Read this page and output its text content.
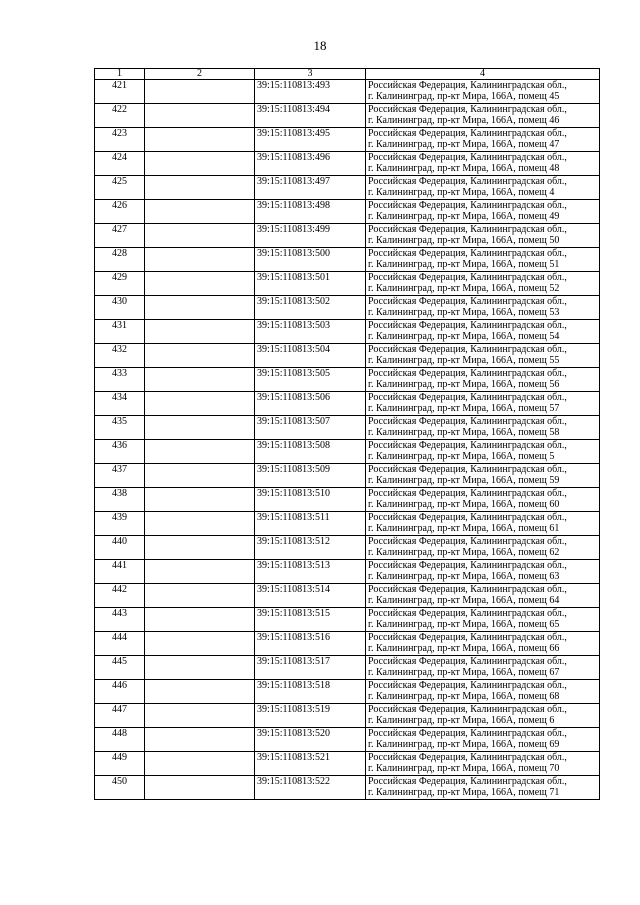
18
1	2	3	4
421		39:15:110813:493	Российская Федерация, Калининградская обл.,
г. Калининград, пр-кт Мира, 166А, помещ 45

422		39:15:110813:494	Российская Федерация, Калининградская обл.,
г. Калининград, пр-кт Мира, 166А, помещ 46

423		39:15:110813:495	Российская Федерация, Калининградская обл.,
г. Калининград, пр-кт Мира, 166А, помещ 47

424		39:15:110813:496	Российская Федерация, Калининградская обл.,
г. Калининград, пр-кт Мира, 166А, помещ 48

425		39:15:110813:497	Российская Федерация, Калининградская обл.,
г. Калининград, пр-кт Мира, 166А, помещ 4

426		39:15:110813:498	Российская Федерация, Калининградская обл.,
г. Калининград, пр-кт Мира, 166А, помещ 49

427		39:15:110813:499	Российская Федерация, Калининградская обл.,
г. Калининград, пр-кт Мира, 166А, помещ 50

428		39:15:110813:500	Российская Федерация, Калининградская обл.,
г. Калининград, пр-кт Мира, 166А, помещ 51

429		39:15:110813:501	Российская Федерация, Калининградская обл.,
г. Калининград, пр-кт Мира, 166А, помещ 52

430		39:15:110813:502	Российская Федерация, Калининградская обл.,
г. Калининград, пр-кт Мира, 166А, помещ 53

431		39:15:110813:503	Российская Федерация, Калининградская обл.,
г. Калининград, пр-кт Мира, 166А, помещ 54

432		39:15:110813:504	Российская Федерация, Калининградская обл.,
г. Калининград, пр-кт Мира, 166А, помещ 55

433		39:15:110813:505	Российская Федерация, Калининградская обл.,
г. Калининград, пр-кт Мира, 166А, помещ 56

434		39:15:110813:506	Российская Федерация, Калининградская обл.,
г. Калининград, пр-кт Мира, 166А, помещ 57

435		39:15:110813:507	Российская Федерация, Калининградская обл.,
г. Калининград, пр-кт Мира, 166А, помещ 58

436		39:15:110813:508	Российская Федерация, Калининградская обл.,
г. Калининград, пр-кт Мира, 166А, помещ 5

437		39:15:110813:509	Российская Федерация, Калининградская обл.,
г. Калининград, пр-кт Мира, 166А, помещ 59

438		39:15:110813:510	Российская Федерация, Калининградская обл.,
г. Калининград, пр-кт Мира, 166А, помещ 60

439		39:15:110813:511	Российская Федерация, Калининградская обл.,
г. Калининград, пр-кт Мира, 166А, помещ 61

440		39:15:110813:512	Российская Федерация, Калининградская обл.,
г. Калининград, пр-кт Мира, 166А, помещ 62

441		39:15:110813:513	Российская Федерация, Калининградская обл.,
г. Калининград, пр-кт Мира, 166А, помещ 63

442		39:15:110813:514	Российская Федерация, Калининградская обл.,
г. Калининград, пр-кт Мира, 166А, помещ 64

443		39:15:110813:515	Российская Федерация, Калининградская обл.,
г. Калининград, пр-кт Мира, 166А, помещ 65

444		39:15:110813:516	Российская Федерация, Калининградская обл.,
г. Калининград, пр-кт Мира, 166А, помещ 66

445		39:15:110813:517	Российская Федерация, Калининградская обл.,
г. Калининград, пр-кт Мира, 166А, помещ 67

446		39:15:110813:518	Российская Федерация, Калининградская обл.,
г. Калининград, пр-кт Мира, 166А, помещ 68

447		39:15:110813:519	Российская Федерация, Калининградская обл.,
г. Калининград, пр-кт Мира, 166А, помещ 6

448		39:15:110813:520	Российская Федерация, Калининградская обл.,
г. Калининград, пр-кт Мира, 166А, помещ 69

449		39:15:110813:521	Российская Федерация, Калининградская обл.,
г. Калининград, пр-кт Мира, 166А, помещ 70

450		39:15:110813:522	Российская Федерация, Калининградская обл.,
г. Калининград, пр-кт Мира, 166А, помещ 71
